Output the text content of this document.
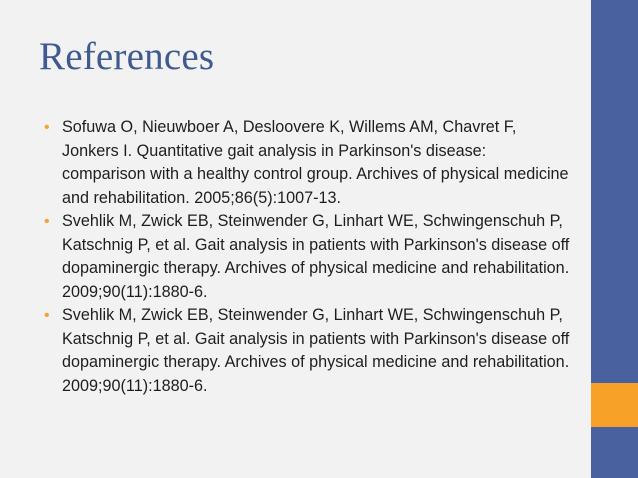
References
• Sofuwa O, Nieuwboer A, Desloovere K, Willems AM, Chavret F, Jonkers I. Quantitative gait analysis in Parkinson's disease: comparison with a healthy control group. Archives of physical medicine and rehabilitation. 2005;86(5):1007-13.
• Svehlik M, Zwick EB, Steinwender G, Linhart WE, Schwingenschuh P, Katschnig P, et al. Gait analysis in patients with Parkinson's disease off dopaminergic therapy. Archives of physical medicine and rehabilitation. 2009;90(11):1880-6.
• Svehlik M, Zwick EB, Steinwender G, Linhart WE, Schwingenschuh P, Katschnig P, et al. Gait analysis in patients with Parkinson's disease off dopaminergic therapy. Archives of physical medicine and rehabilitation. 2009;90(11):1880-6.
